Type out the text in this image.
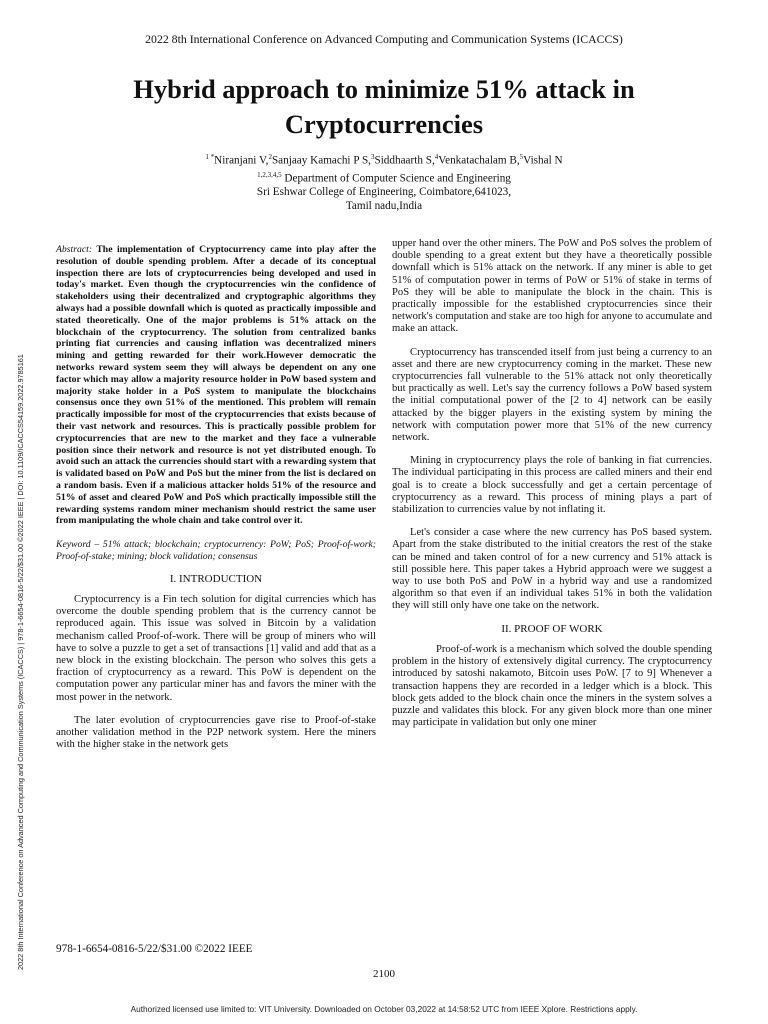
2022 8th International Conference on Advanced Computing and Communication Systems (ICACCS) | 978-1-6654-0816-5/22/$31.00 ©2022 IEEE | DOI: 10.1109/ICACCS54159.2022.9785161
2022 8th International Conference on Advanced Computing and Communication Systems (ICACCS)
Hybrid approach to minimize 51% attack in
Cryptocurrencies
$^{1 *}$Niranjani V,$^2$Sanjaay Kamachi P S,$^3$Siddhaarth S,$^4$Venkatachalam B,$^5$Vishal N
$^{1,2,3,4,5}$ Department of Computer Science and Engineering
Sri Eshwar College of Engineering, Coimbatore,641023,
Tamil nadu,India

Abstract: The implementation of Cryptocurrency came into play after the resolution of double spending problem. After a decade of its conceptual inspection there are lots of cryptocurrencies being developed and used in today's market. Even though the cryptocurrencies win the confidence of stakeholders using their decentralized and cryptographic algorithms they always had a possible downfall which is quoted as practically impossible and stated theoretically. One of the major problems is 51% attack on the blockchain of the cryptocurrency. The solution from centralized banks printing fiat currencies and causing inflation was decentralized miners mining and getting rewarded for their work.However democratic the networks reward system seem they will always be dependent on any one factor which may allow a majority resource holder in PoW based system and majority stake holder in a PoS system to manipulate the blockchains consensus once they own 51% of the mentioned. This problem will remain practically impossible for most of the cryptocurrencies that exists because of their vast network and resources. This is practically possible problem for cryptocurrencies that are new to the market and they face a vulnerable position since their network and resource is not yet distributed enough. To avoid such an attack the currencies should start with a rewarding system that is validated based on PoW and PoS but the miner from the list is declared on a random basis. Even if a malicious attacker holds 51% of the resource and 51% of asset and cleared PoW and PoS which practically impossible still the rewarding systems random miner mechanism should restrict the same user from manipulating the whole chain and take control over it.

Keyword – 51% attack; blockchain; cryptocurrency: PoW; PoS; Proof-of-work; Proof-of-stake; mining; block validation; consensus

I. INTRODUCTION

Cryptocurrency is a Fin tech solution for digital currencies which has overcome the double spending problem that is the currency cannot be reproduced again. This issue was solved in Bitcoin by a validation mechanism called Proof-of-work. There will be group of miners who will have to solve a puzzle to get a set of transactions [1] valid and add that as a new block in the existing blockchain. The person who solves this gets a fraction of cryptocurrency as a reward. This PoW is dependent on the computation power any particular miner has and favors the miner with the most power in the network.

The later evolution of cryptocurrencies gave rise to Proof-of-stake another validation method in the P2P network system. Here the miners with the higher stake in the network gets

upper hand over the other miners. The PoW and PoS solves the problem of double spending to a great extent but they have a theoretically possible downfall which is 51% attack on the network. If any miner is able to get 51% of computation power in terms of PoW or 51% of stake in terms of PoS they will be able to manipulate the block in the chain. This is practically impossible for the established cryptocurrencies since their network's computation and stake are too high for anyone to accumulate and make an attack.

Cryptocurrency has transcended itself from just being a currency to an asset and there are new cryptocurrency coming in the market. These new cryptocurrencies fall vulnerable to the 51% attack not only theoretically but practically as well. Let's say the currency follows a PoW based system the initial computational power of the [2 to 4] network can be easily attacked by the bigger players in the existing system by mining the network with computation power more that 51% of the new currency network.

Mining in cryptocurrency plays the role of banking in fiat currencies. The individual participating in this process are called miners and their end goal is to create a block successfully and get a certain percentage of cryptocurrency as a reward. This process of mining plays a part of stabilization to currencies value by not inflating it.

Let's consider a case where the new currency has PoS based system. Apart from the stake distributed to the initial creators the rest of the stake can be mined and taken control of for a new currency and 51% attack is still possible here. This paper takes a Hybrid approach were we suggest a way to use both PoS and PoW in a hybrid way and use a randomized algorithm so that even if an individual takes 51% in both the validation they will still only have one take on the network.

II. PROOF OF WORK

Proof-of-work is a mechanism which solved the double spending problem in the history of extensively digital currency. The cryptocurrency introduced by satoshi nakamoto, Bitcoin uses PoW. [7 to 9] Whenever a transaction happens they are recorded in a ledger which is a block. This block gets added to the block chain once the miners in the system solves a puzzle and validates this block. For any given block more than one miner may participate in validation but only one miner

978-1-6654-0816-5/22/$31.00 ©2022 IEEE
2100
Authorized licensed use limited to: VIT University. Downloaded on October 03,2022 at 14:58:52 UTC from IEEE Xplore. Restrictions apply.
